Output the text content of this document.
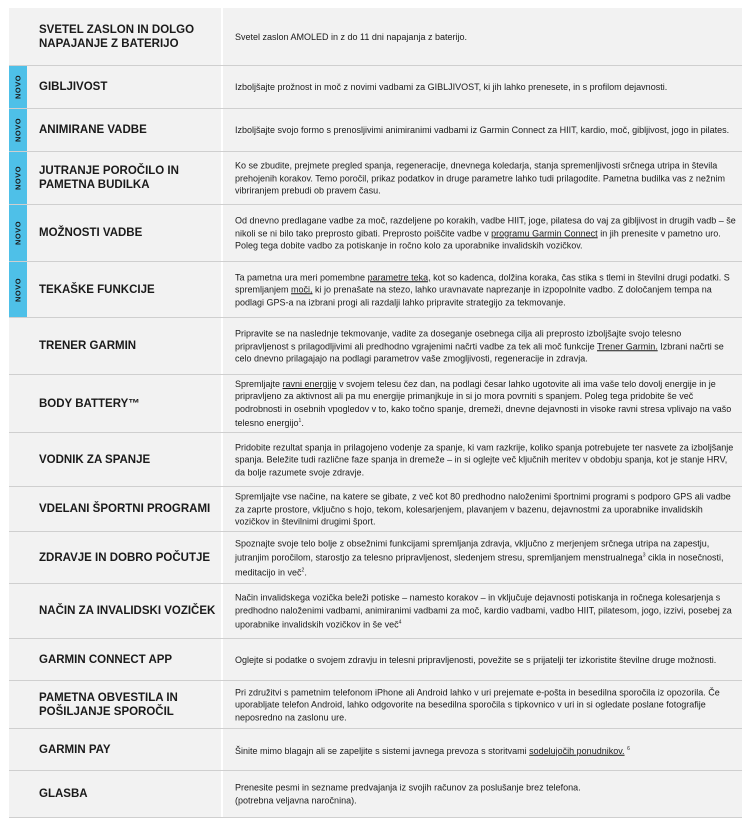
SVETEL ZASLON IN DOLGO NAPAJANJE Z BATERIJO
Svetel zaslon AMOLED in z do 11 dni napajanja z baterijo.
NOVO GIBLJIVOST	Izboljšajte prožnost in moč z novimi vadbami za GIBLJIVOST, ki jih lahko prenesete, in s profilom dejavnosti.
NOVO ANIMIRANE VADBE	Izboljšajte svojo formo s prenosljivimi animiranimi vadbami iz Garmin Connect za HIIT, kardio, moč, gibljivost, jogo in pilates.
NOVO JUTRANJE POROČILO IN PAMETNA BUDILKA
Ko se zbudite, prejmete pregled spanja, regeneracije, dnevnega koledarja, stanja spremenljivosti srčnega utripa in števila prehojenih korakov. Temo poročil, prikaz podatkov in druge parametre lahko tudi prilagodite. Pametna budilka vas z nežnim vibriranjem prebudi ob pravem času.
NOVO MOŽNOSTI VADBE
Od dnevno predlagane vadbe za moč, razdeljene po korakih, vadbe HIIT, joge, pilatesa do vaj za gibljivost in drugih vadb – še nikoli se ni bilo tako preprosto gibati. Preprosto poiščite vadbe v programu Garmin Connect in jih prenesite v pametno uro. Poleg tega dobite vadbo za potiskanje in ročno kolo za uporabnike invalidskih vozičkov.
NOVO TEKAŠKE FUNKCIJE
Ta pametna ura meri pomembne parametre teka, kot so kadenca, dolžina koraka, čas stika s tlemi in številni drugi podatki. S spremljanjem moči, ki jo prenašate na stezo, lahko uravnavate naprezanje in izpopolnite vadbo. Z določanjem tempa na podlagi GPS-a na izbrani progi ali razdalji lahko pripravite strategijo za tekmovanje.
TRENER GARMIN
Pripravite se na naslednje tekmovanje, vadite za doseganje osebnega cilja ali preprosto izboljšajte svojo telesno pripravljenost s prilagodljivimi ali predhodno vgrajenimi načrti vadbe za tek ali moč funkcije Trener Garmin. Izbrani načrti se celo dnevno prilagajajo na podlagi parametrov vaše zmogljivosti, regeneracije in zdravja.
BODY BATTERY™
Spremljajte ravni energije v svojem telesu čez dan, na podlagi česar lahko ugotovite ali ima vaše telo dovolj energije in je pripravljeno za aktivnost ali pa mu energije primanjkuje in si jo mora povrniti s spanjem. Poleg tega pridobite še več podrobnosti in osebnih vpogledov v to, kako točno spanje, dremeži, dnevne dejavnosti in visoke ravni stresa vplivajo na vašo telesno energijo$^1$.
VODNIK ZA SPANJE
Pridobite rezultat spanja in prilagojeno vodenje za spanje, ki vam razkrije, koliko spanja potrebujete ter nasvete za izboljšanje spanja. Beležite tudi različne faze spanja in dremeže – in si oglejte več ključnih meritev v obdobju spanja, kot je stanje HRV, da bolje razumete svoje zdravje.
VDELANI ŠPORTNI PROGRAMI
Spremljajte vse načine, na katere se gibate, z več kot 80 predhodno naloženimi športnimi programi s podporo GPS ali vadbe za zaprte prostore, vključno s hojo, tekom, kolesarjenjem, plavanjem v bazenu, dejavnostmi za uporabnike invalidskih vozičkov in številnimi drugimi šport.
ZDRAVJE IN DOBRO POČUTJE
Spoznajte svoje telo bolje z obsežnimi funkcijami spremljanja zdravja, vključno z merjenjem srčnega utripa na zapestju, jutranjim poročilom, starostjo za telesno pripravljenost, sledenjem stresu, spremljanjem menstrualnega$^3$ cikla in nosečnosti, meditacijo in več$^2$.
NAČIN ZA INVALIDSKI VOZIČEK
Način invalidskega vozička beleži potiske – namesto korakov – in vključuje dejavnosti potiskanja in ročnega kolesarjenja s predhodno naloženimi vadbami, animiranimi vadbami za moč, kardio vadbami, vadbo HIIT, pilatesom, jogo, izzivi, posebej za uporabnike invalidskih vozičkov in še več$^4$
GARMIN CONNECT APP	Oglejte si podatke o svojem zdravju in telesni pripravljenosti, povežite se s prijatelji ter izkoristite številne druge možnosti.
PAMETNA OBVESTILA IN POŠILJANJE SPOROČIL
Pri združitvi s pametnim telefonom iPhone ali Android lahko v uri prejemate e-pošta in besedilna sporočila iz opozorila. Če uporabljate telefon Android, lahko odgovorite na besedilna sporočila s tipkovnico v uri in si ogledate poslane fotografije neposredno na zaslonu ure.
GARMIN PAY	Šinite mimo blagajn ali se zapeljite s sistemi javnega prevoza s storitvami sodelujočih ponudnikov. $^6$
GLASBA
Prenesite pesmi in seznamе predvajanja iz svojih računov za poslušanje brez telefona.
(potrebna veljavna naročnina).
